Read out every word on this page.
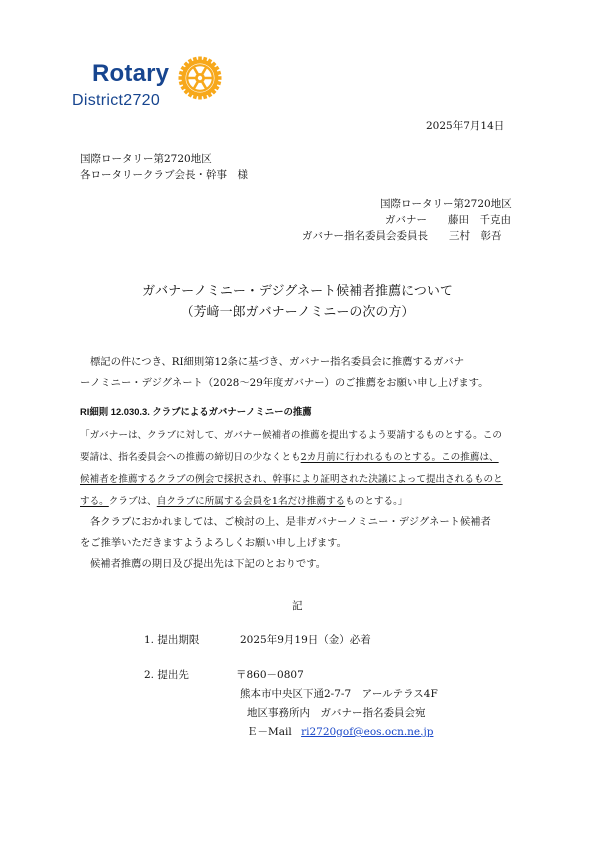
Rotary
District2720
2025年7月14日
国際ロータリー第2720地区
各ロータリークラブ会長・幹事　様
国際ロータリー第2720地区
ガバナー　　藤田　千克由
ガバナー指名委員会委員長　　三村　彰吾
ガバナーノミニー・デジグネート候補者推薦について
（芳﨑一郎ガバナーノミニーの次の方）
標記の件につき、RI細則第12条に基づき、ガバナー指名委員会に推薦するガバナ
ーノミニー・デジグネート（2028～29年度ガバナー）のご推薦をお願い申し上げます。
RI細則 12.030.3. クラブによるガバナーノミニーの推薦
「ガバナーは、クラブに対して、ガバナー候補者の推薦を提出するよう要請するものとする。この
要請は、指名委員会への推薦の締切日の少なくとも2カ月前に行われるものとする。この推薦は、
候補者を推薦するクラブの例会で採択され、幹事により証明された決議によって提出されるものと
する。クラブは、自クラブに所属する会員を1名だけ推薦するものとする。」
各クラブにおかれましては、ご検討の上、是非ガバナーノミニー・デジグネート候補者
をご推挙いただきますようよろしくお願い申し上げます。
候補者推薦の期日及び提出先は下記のとおりです。
記
1. 提出期限	2025年9月19日（金）必着
2. 提出先	〒860－0807
熊本市中央区下通2-7-7　アールテラス4F
地区事務所内　ガバナー指名委員会宛
Ｅ－Mail ri2720gof@eos.ocn.ne.jp
